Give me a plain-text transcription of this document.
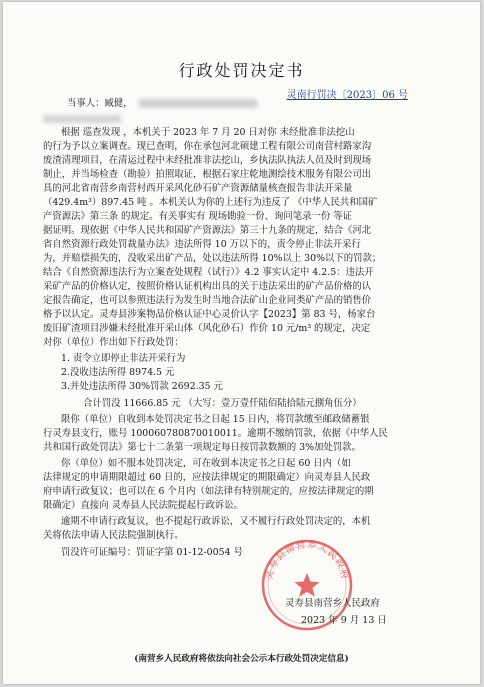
行政处罚决定书
灵南行罚决〔2023〕06 号
当事人：臧健，
根据 巡查发现 ，本机关于 2023 年 7 月 20 日对你 未经批准非法挖山
的行为予以立案调查。现已查明，你在承包河北硕建工程有限公司南营村路家沟
废渣清理项目，在清运过程中未经批准非法挖山，乡执法队执法人员及时到现场
制止，并当场检查（勘验）拍照取证，根据石家庄乾地测绘技术服务有限公司出
具的河北省南营乡南营村西开采风化砂石矿产资源储量核查报告非法开采量
（429.4m³）897.45 吨 。本机关认为你的上述行为违反了 《中华人民共和国矿
产资源法》第三条 的规定。有关事实有 现场勘验一份、询问笔录一份 等证
据证明。现依据《中华人民共和国矿产资源法》第三十九条的规定，结合《河北
省自然资源行政处罚裁量办法》违法所得 10 万以下的，责令停止非法开采行
为，并赔偿损失的，没收采出矿产品，处以违法所得 10%以上 30%以下的罚款；
结合《自然资源违法行为立案查处规程（试行）》4.2 事实认定中 4.2.5：违法开
采矿产品的价格认定，按照价格认证机构出具的关于违法采出的矿产品价格的认
定报告确定，也可以参照违法行为发生时当地合法矿山企业同类矿产品的销售价
格予以认定。灵寿县涉案物品价格认证中心灵价认字【2023】第 83 号，杨家台
废旧矿渣项目涉嫌未经批准开采山体（风化砂石）作价 10 元/m³ 的规定，决定
对你（单位）作出如下行政处罚：
1. 责令立即停止非法开采行为
2.没收违法所得 8974.5 元
3.并处违法所得 30%罚款 2692.35 元
合计罚没 11666.85 元 （大写：壹万壹仟陆佰陆拾陆元捌角伍分）
限你（单位）自收到本处罚决定书之日起 15 日内，将罚款缴至邮政储蓄银
行灵寿县支行，账号 100060780870010011。逾期不缴纳罚款，依据《中华人民
共和国行政处罚法》第七十二条第一项规定每日按罚款数额的 3%加处罚款。
你（单位）如不服本处罚决定，可在收到本决定书之日起 60 日内（如
法律规定的申请期限超过 60 日的，应按法律规定的期限确定）向灵寿县人民政
府申请行政复议；也可以在 6 个月内（如法律有特别规定的，应按法律规定的期
限确定）直接向 灵寿县人民法院提起行政诉讼。
逾期不申请行政复议，也不提起行政诉讼，又不履行行政处罚决定的，本机
关将依法申请人民法院强制执行。
罚没许可证编号：罚证字第 01-12-0054 号
灵寿县南营乡人民政府
灵寿县南营乡人民政府
2023 年 9 月 13 日
(南营乡人民政府将依法向社会公示本行政处罚决定信息)
